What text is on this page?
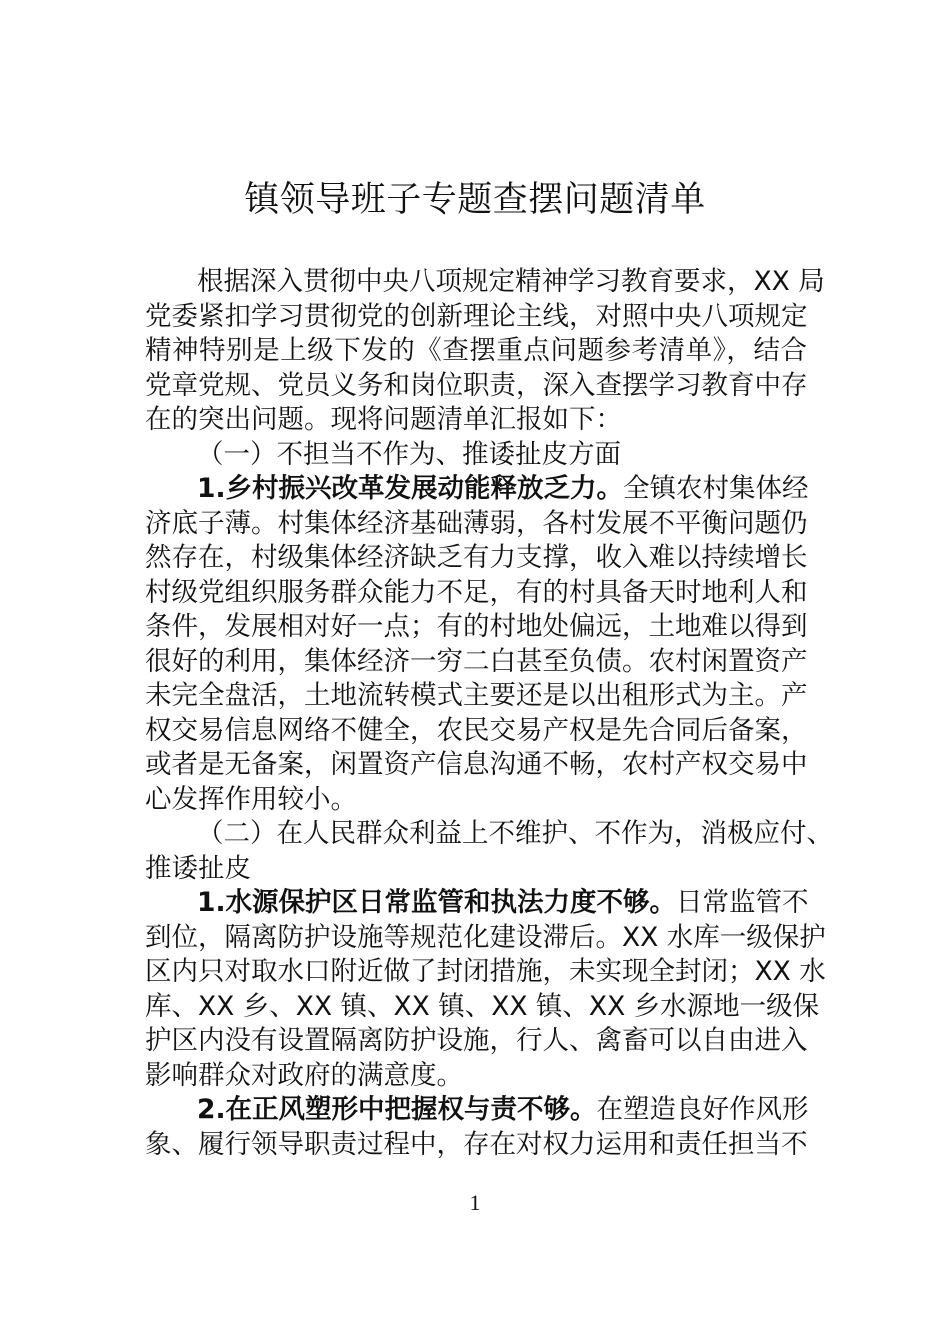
镇领导班子专题查摆问题清单
根据深入贯彻中央八项规定精神学习教育要求，XX 局
党委紧扣学习贯彻党的创新理论主线，对照中央八项规定
精神特别是上级下发的《查摆重点问题参考清单》，结合
党章党规、党员义务和岗位职责，深入查摆学习教育中存
在的突出问题。现将问题清单汇报如下：
（一）不担当不作为、推诿扯皮方面
1.乡村振兴改革发展动能释放乏力。全镇农村集体经
济底子薄。村集体经济基础薄弱，各村发展不平衡问题仍
然存在，村级集体经济缺乏有力支撑，收入难以持续增长
村级党组织服务群众能力不足，有的村具备天时地利人和
条件，发展相对好一点；有的村地处偏远，土地难以得到
很好的利用，集体经济一穷二白甚至负债。农村闲置资产
未完全盘活，土地流转模式主要还是以出租形式为主。产
权交易信息网络不健全，农民交易产权是先合同后备案，
或者是无备案，闲置资产信息沟通不畅，农村产权交易中
心发挥作用较小。
（二）在人民群众利益上不维护、不作为，消极应付、
推诿扯皮
1.水源保护区日常监管和执法力度不够。日常监管不
到位，隔离防护设施等规范化建设滞后。XX 水库一级保护
区内只对取水口附近做了封闭措施，未实现全封闭；XX 水
库、XX 乡、XX 镇、XX 镇、XX 镇、XX 乡水源地一级保
护区内没有设置隔离防护设施，行人、禽畜可以自由进入
影响群众对政府的满意度。
2.在正风塑形中把握权与责不够。在塑造良好作风形
象、履行领导职责过程中，存在对权力运用和责任担当不
1
